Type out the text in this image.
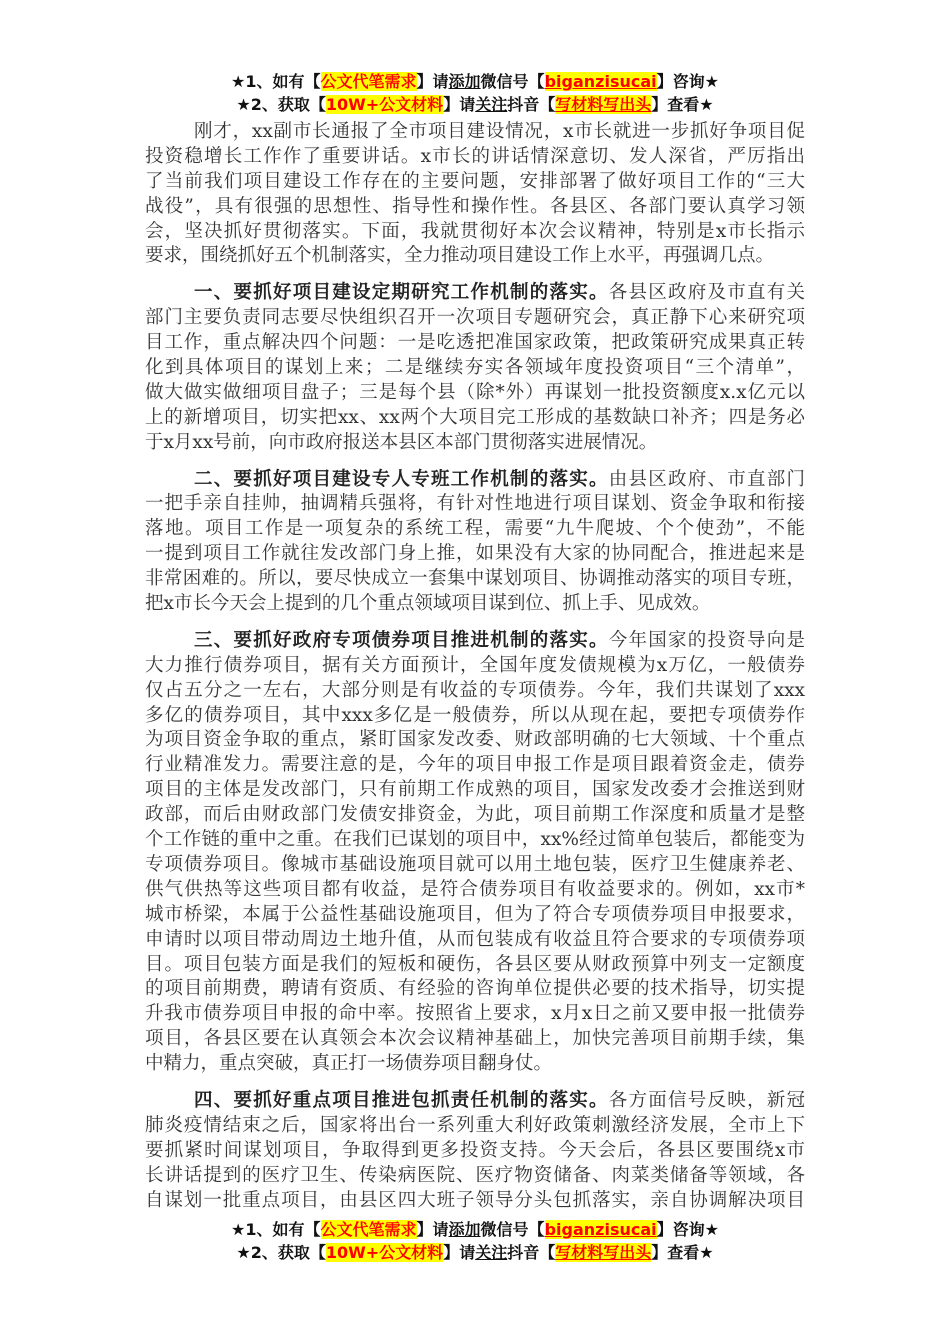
★1、如有【公文代笔需求】请添加微信号【biganzisucai】咨询★
★2、获取【10W+公文材料】请关注抖音【写材料写出头】查看★
刚才，xx副市长通报了全市项目建设情况，x市长就进一步抓好争项目促
投资稳增长工作作了重要讲话。x市长的讲话情深意切、发人深省，严厉指出
了当前我们项目建设工作存在的主要问题，安排部署了做好项目工作的“三大
战役”，具有很强的思想性、指导性和操作性。各县区、各部门要认真学习领
会，坚决抓好贯彻落实。下面，我就贯彻好本次会议精神，特别是x市长指示
要求，围绕抓好五个机制落实，全力推动项目建设工作上水平，再强调几点。
一、要抓好项目建设定期研究工作机制的落实。各县区政府及市直有关
部门主要负责同志要尽快组织召开一次项目专题研究会，真正静下心来研究项
目工作，重点解决四个问题：一是吃透把准国家政策，把政策研究成果真正转
化到具体项目的谋划上来；二是继续夯实各领域年度投资项目“三个清单”，
做大做实做细项目盘子；三是每个县（除*外）再谋划一批投资额度x.x亿元以
上的新增项目，切实把xx、xx两个大项目完工形成的基数缺口补齐；四是务必
于x月xx号前，向市政府报送本县区本部门贯彻落实进展情况。
二、要抓好项目建设专人专班工作机制的落实。由县区政府、市直部门
一把手亲自挂帅，抽调精兵强将，有针对性地进行项目谋划、资金争取和衔接
落地。项目工作是一项复杂的系统工程，需要“九牛爬坡、个个使劲”，不能
一提到项目工作就往发改部门身上推，如果没有大家的协同配合，推进起来是
非常困难的。所以，要尽快成立一套集中谋划项目、协调推动落实的项目专班，
把x市长今天会上提到的几个重点领域项目谋到位、抓上手、见成效。
三、要抓好政府专项债券项目推进机制的落实。今年国家的投资导向是
大力推行债券项目，据有关方面预计，全国年度发债规模为x万亿，一般债券
仅占五分之一左右，大部分则是有收益的专项债券。今年，我们共谋划了xxx
多亿的债券项目，其中xxx多亿是一般债券，所以从现在起，要把专项债券作
为项目资金争取的重点，紧盯国家发改委、财政部明确的七大领域、十个重点
行业精准发力。需要注意的是，今年的项目申报工作是项目跟着资金走，债券
项目的主体是发改部门，只有前期工作成熟的项目，国家发改委才会推送到财
政部，而后由财政部门发债安排资金，为此，项目前期工作深度和质量才是整
个工作链的重中之重。在我们已谋划的项目中，xx%经过简单包装后，都能变为
专项债券项目。像城市基础设施项目就可以用土地包装，医疗卫生健康养老、
供气供热等这些项目都有收益，是符合债券项目有收益要求的。例如，xx市*
城市桥梁，本属于公益性基础设施项目，但为了符合专项债券项目申报要求，
申请时以项目带动周边土地升值，从而包装成有收益且符合要求的专项债券项
目。项目包装方面是我们的短板和硬伤，各县区要从财政预算中列支一定额度
的项目前期费，聘请有资质、有经验的咨询单位提供必要的技术指导，切实提
升我市债券项目申报的命中率。按照省上要求，x月x日之前又要申报一批债券
项目，各县区要在认真领会本次会议精神基础上，加快完善项目前期手续，集
中精力，重点突破，真正打一场债券项目翻身仗。
四、要抓好重点项目推进包抓责任机制的落实。各方面信号反映，新冠
肺炎疫情结束之后，国家将出台一系列重大利好政策刺激经济发展，全市上下
要抓紧时间谋划项目，争取得到更多投资支持。今天会后，各县区要围绕x市
长讲话提到的医疗卫生、传染病医院、医疗物资储备、肉菜类储备等领域，各
自谋划一批重点项目，由县区四大班子领导分头包抓落实，亲自协调解决项目
★1、如有【公文代笔需求】请添加微信号【biganzisucai】咨询★
★2、获取【10W+公文材料】请关注抖音【写材料写出头】查看★
